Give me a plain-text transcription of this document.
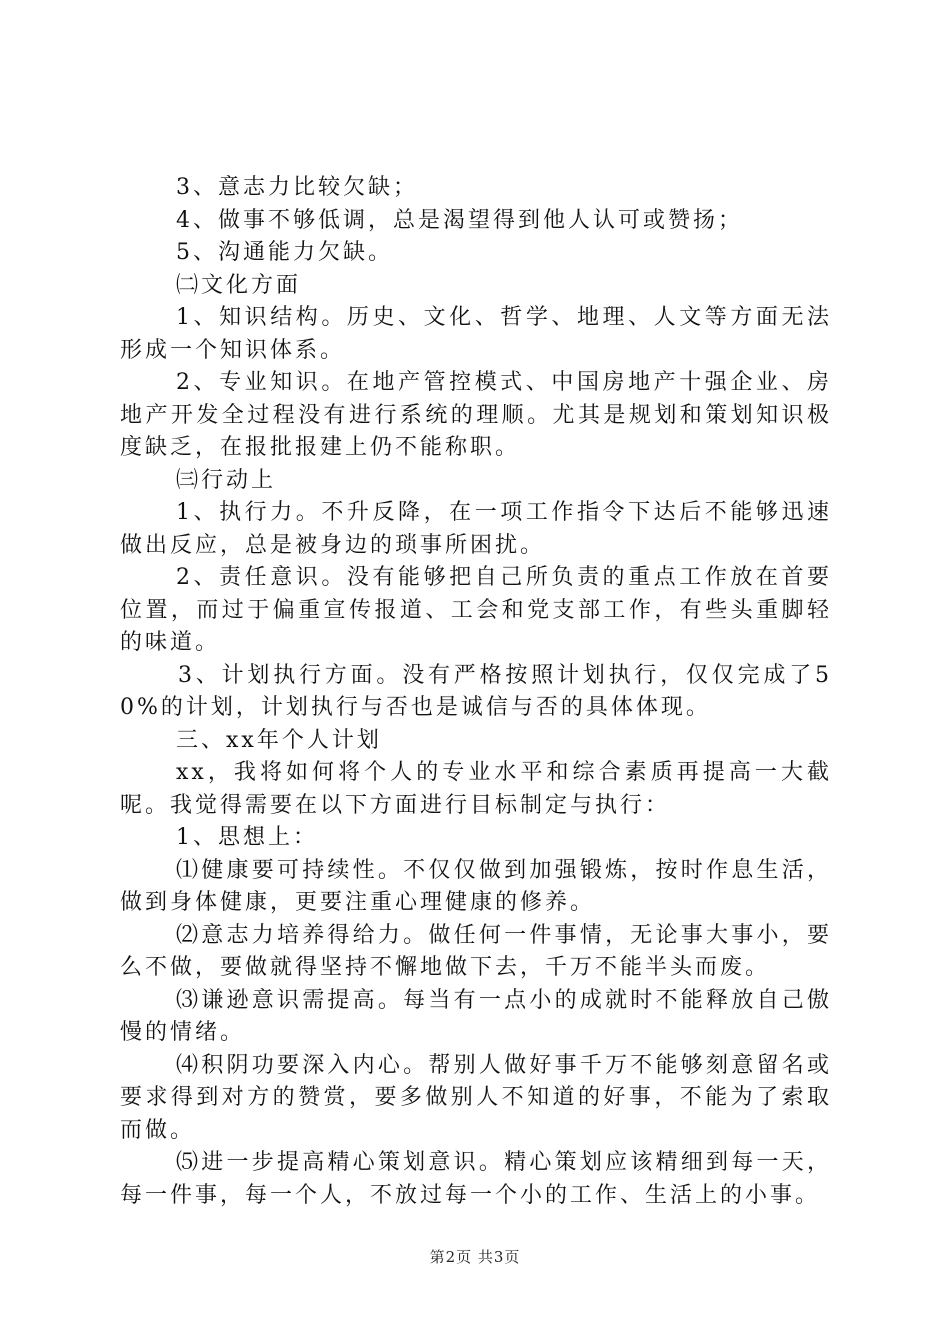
3、意志力比较欠缺；

4、做事不够低调，总是渴望得到他人认可或赞扬；

5、沟通能力欠缺。

㈡文化方面

1、知识结构。历史、文化、哲学、地理、人文等方面无法形成一个知识体系。

2、专业知识。在地产管控模式、中国房地产十强企业、房地产开发全过程没有进行系统的理顺。尤其是规划和策划知识极度缺乏，在报批报建上仍不能称职。

㈢行动上

1、执行力。不升反降，在一项工作指令下达后不能够迅速做出反应，总是被身边的琐事所困扰。

2、责任意识。没有能够把自己所负责的重点工作放在首要位置，而过于偏重宣传报道、工会和党支部工作，有些头重脚轻的味道。

3、计划执行方面。没有严格按照计划执行，仅仅完成了50%的计划，计划执行与否也是诚信与否的具体体现。

三、xx年个人计划

xx，我将如何将个人的专业水平和综合素质再提高一大截呢。我觉得需要在以下方面进行目标制定与执行：

1、思想上：

⑴健康要可持续性。不仅仅做到加强锻炼，按时作息生活，做到身体健康，更要注重心理健康的修养。

⑵意志力培养得给力。做任何一件事情，无论事大事小，要么不做，要做就得坚持不懈地做下去，千万不能半头而废。

⑶谦逊意识需提高。每当有一点小的成就时不能释放自己傲慢的情绪。

⑷积阴功要深入内心。帮别人做好事千万不能够刻意留名或要求得到对方的赞赏，要多做别人不知道的好事，不能为了索取而做。

⑸进一步提高精心策划意识。精心策划应该精细到每一天，每一件事，每一个人，不放过每一个小的工作、生活上的小事。

第2页 共3页
